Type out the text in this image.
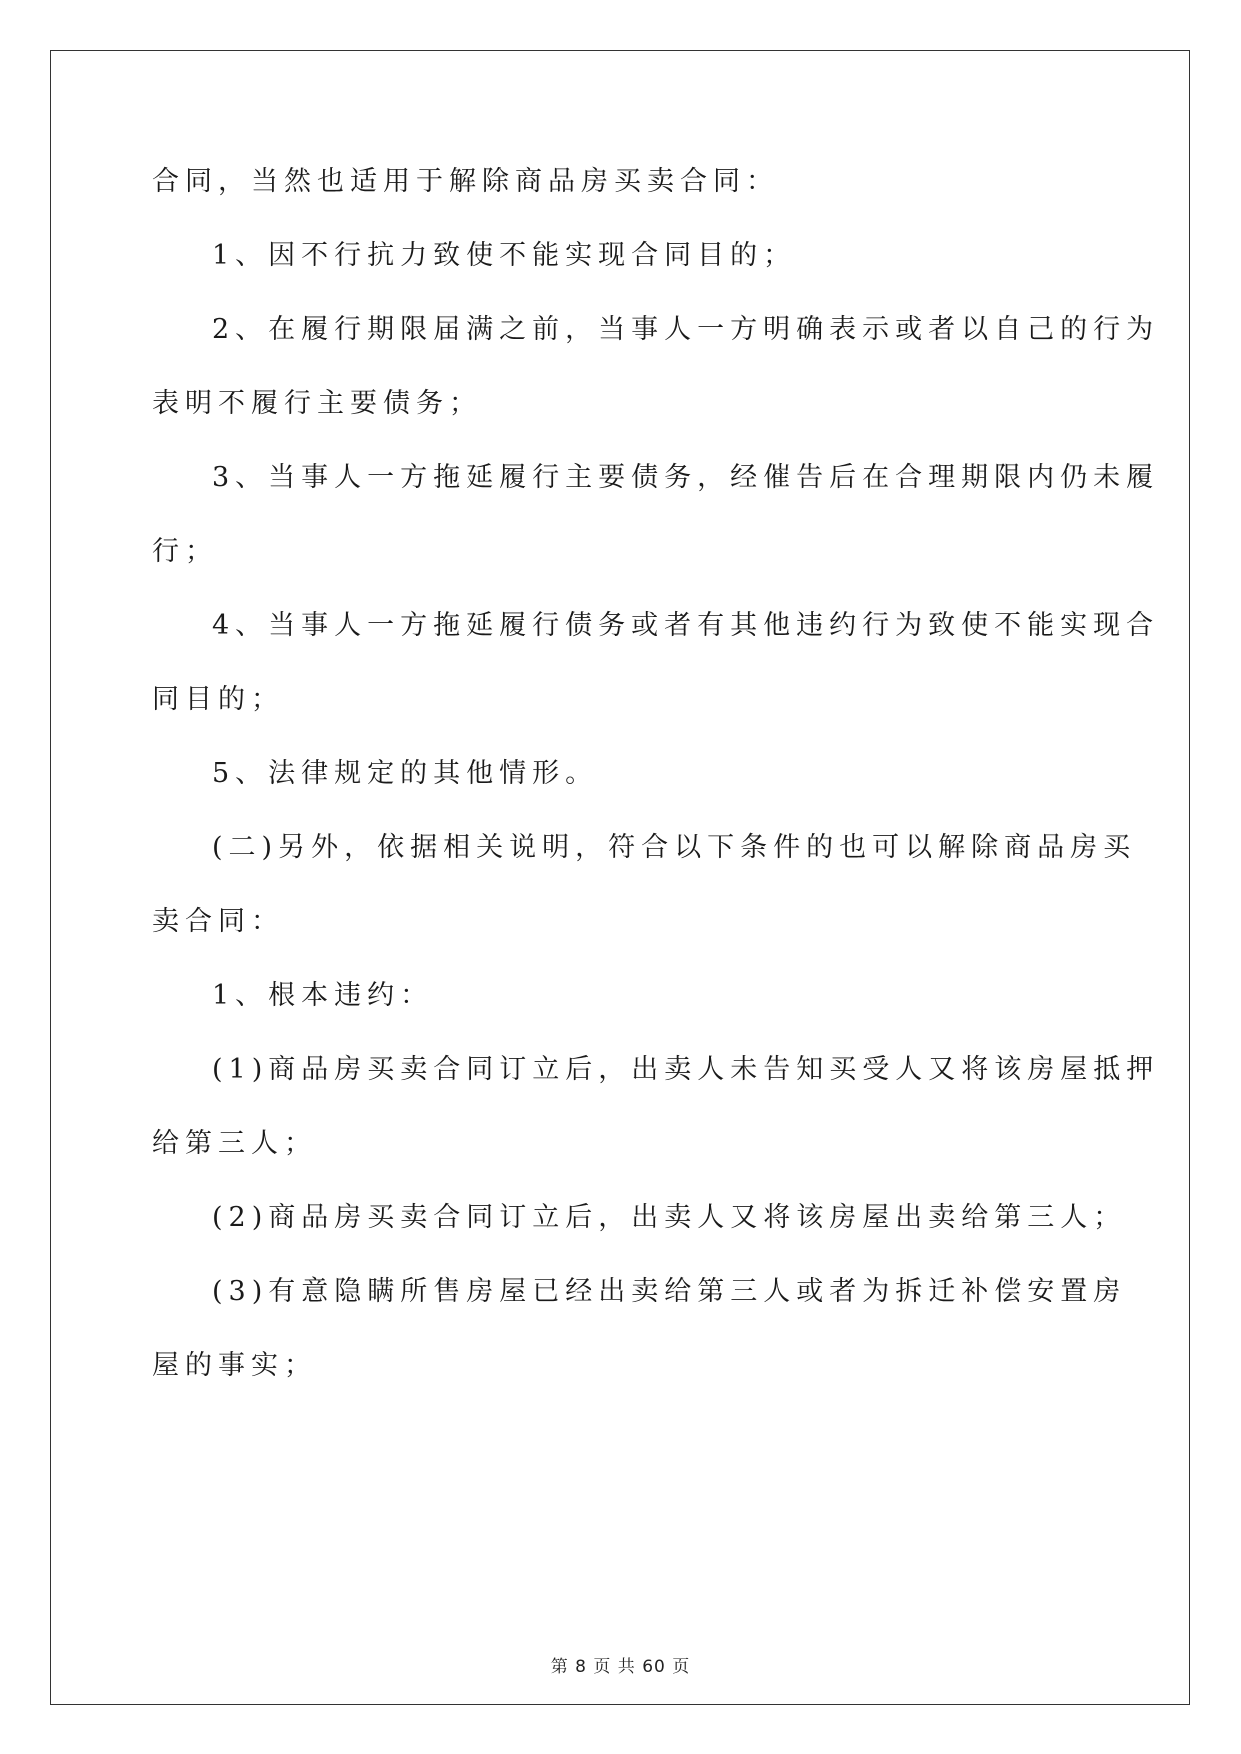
合同，当然也适用于解除商品房买卖合同：
1、因不行抗力致使不能实现合同目的；
2、在履行期限届满之前，当事人一方明确表示或者以自己的行为
表明不履行主要债务；
3、当事人一方拖延履行主要债务，经催告后在合理期限内仍未履
行；
4、当事人一方拖延履行债务或者有其他违约行为致使不能实现合
同目的；
5、法律规定的其他情形。
(二)另外，依据相关说明，符合以下条件的也可以解除商品房买
卖合同：
1、根本违约：
(1)商品房买卖合同订立后，出卖人未告知买受人又将该房屋抵押
给第三人；
(2)商品房买卖合同订立后，出卖人又将该房屋出卖给第三人；
(3)有意隐瞒所售房屋已经出卖给第三人或者为拆迁补偿安置房
屋的事实；
第 8 页 共 60 页
